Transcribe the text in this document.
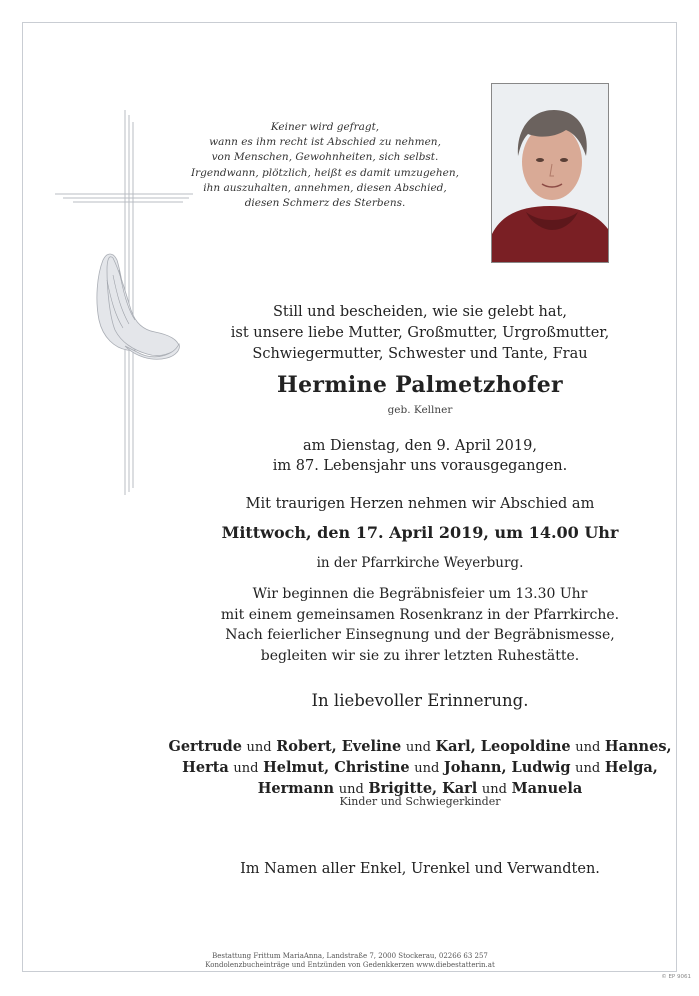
Keiner wird gefragt,
wann es ihm recht ist Abschied zu nehmen,
von Menschen, Gewohnheiten, sich selbst.
Irgendwann, plötzlich, heißt es damit umzugehen,
ihn auszuhalten, annehmen, diesen Abschied,
diesen Schmerz des Sterbens.
Still und bescheiden, wie sie gelebt hat,
ist unsere liebe Mutter, Großmutter, Urgroßmutter,
Schwiegermutter, Schwester und Tante, Frau
Hermine Palmetzhofer
geb. Kellner
am Dienstag, den 9. April 2019,
im 87. Lebensjahr uns vorausgegangen.
Mit traurigen Herzen nehmen wir Abschied am
Mittwoch, den 17. April 2019, um 14.00 Uhr
in der Pfarrkirche Weyerburg.
Wir beginnen die Begräbnisfeier um 13.30 Uhr
mit einem gemeinsamen Rosenkranz in der Pfarrkirche.
Nach feierlicher Einsegnung und der Begräbnismesse,
begleiten wir sie zu ihrer letzten Ruhestätte.
In liebevoller Erinnerung.
Gertrude und Robert, Eveline und Karl, Leopoldine und Hannes,
Herta und Helmut, Christine und Johann, Ludwig und Helga,
Hermann und Brigitte, Karl und Manuela
Kinder und Schwiegerkinder
Im Namen aller Enkel, Urenkel und Verwandten.
Bestattung Frittum MariaAnna, Landstraße 7, 2000 Stockerau, 02266 63 257
Kondolenzbucheinträge und Entzünden von Gedenkkerzen www.diebestatterin.at
© EP 9061
